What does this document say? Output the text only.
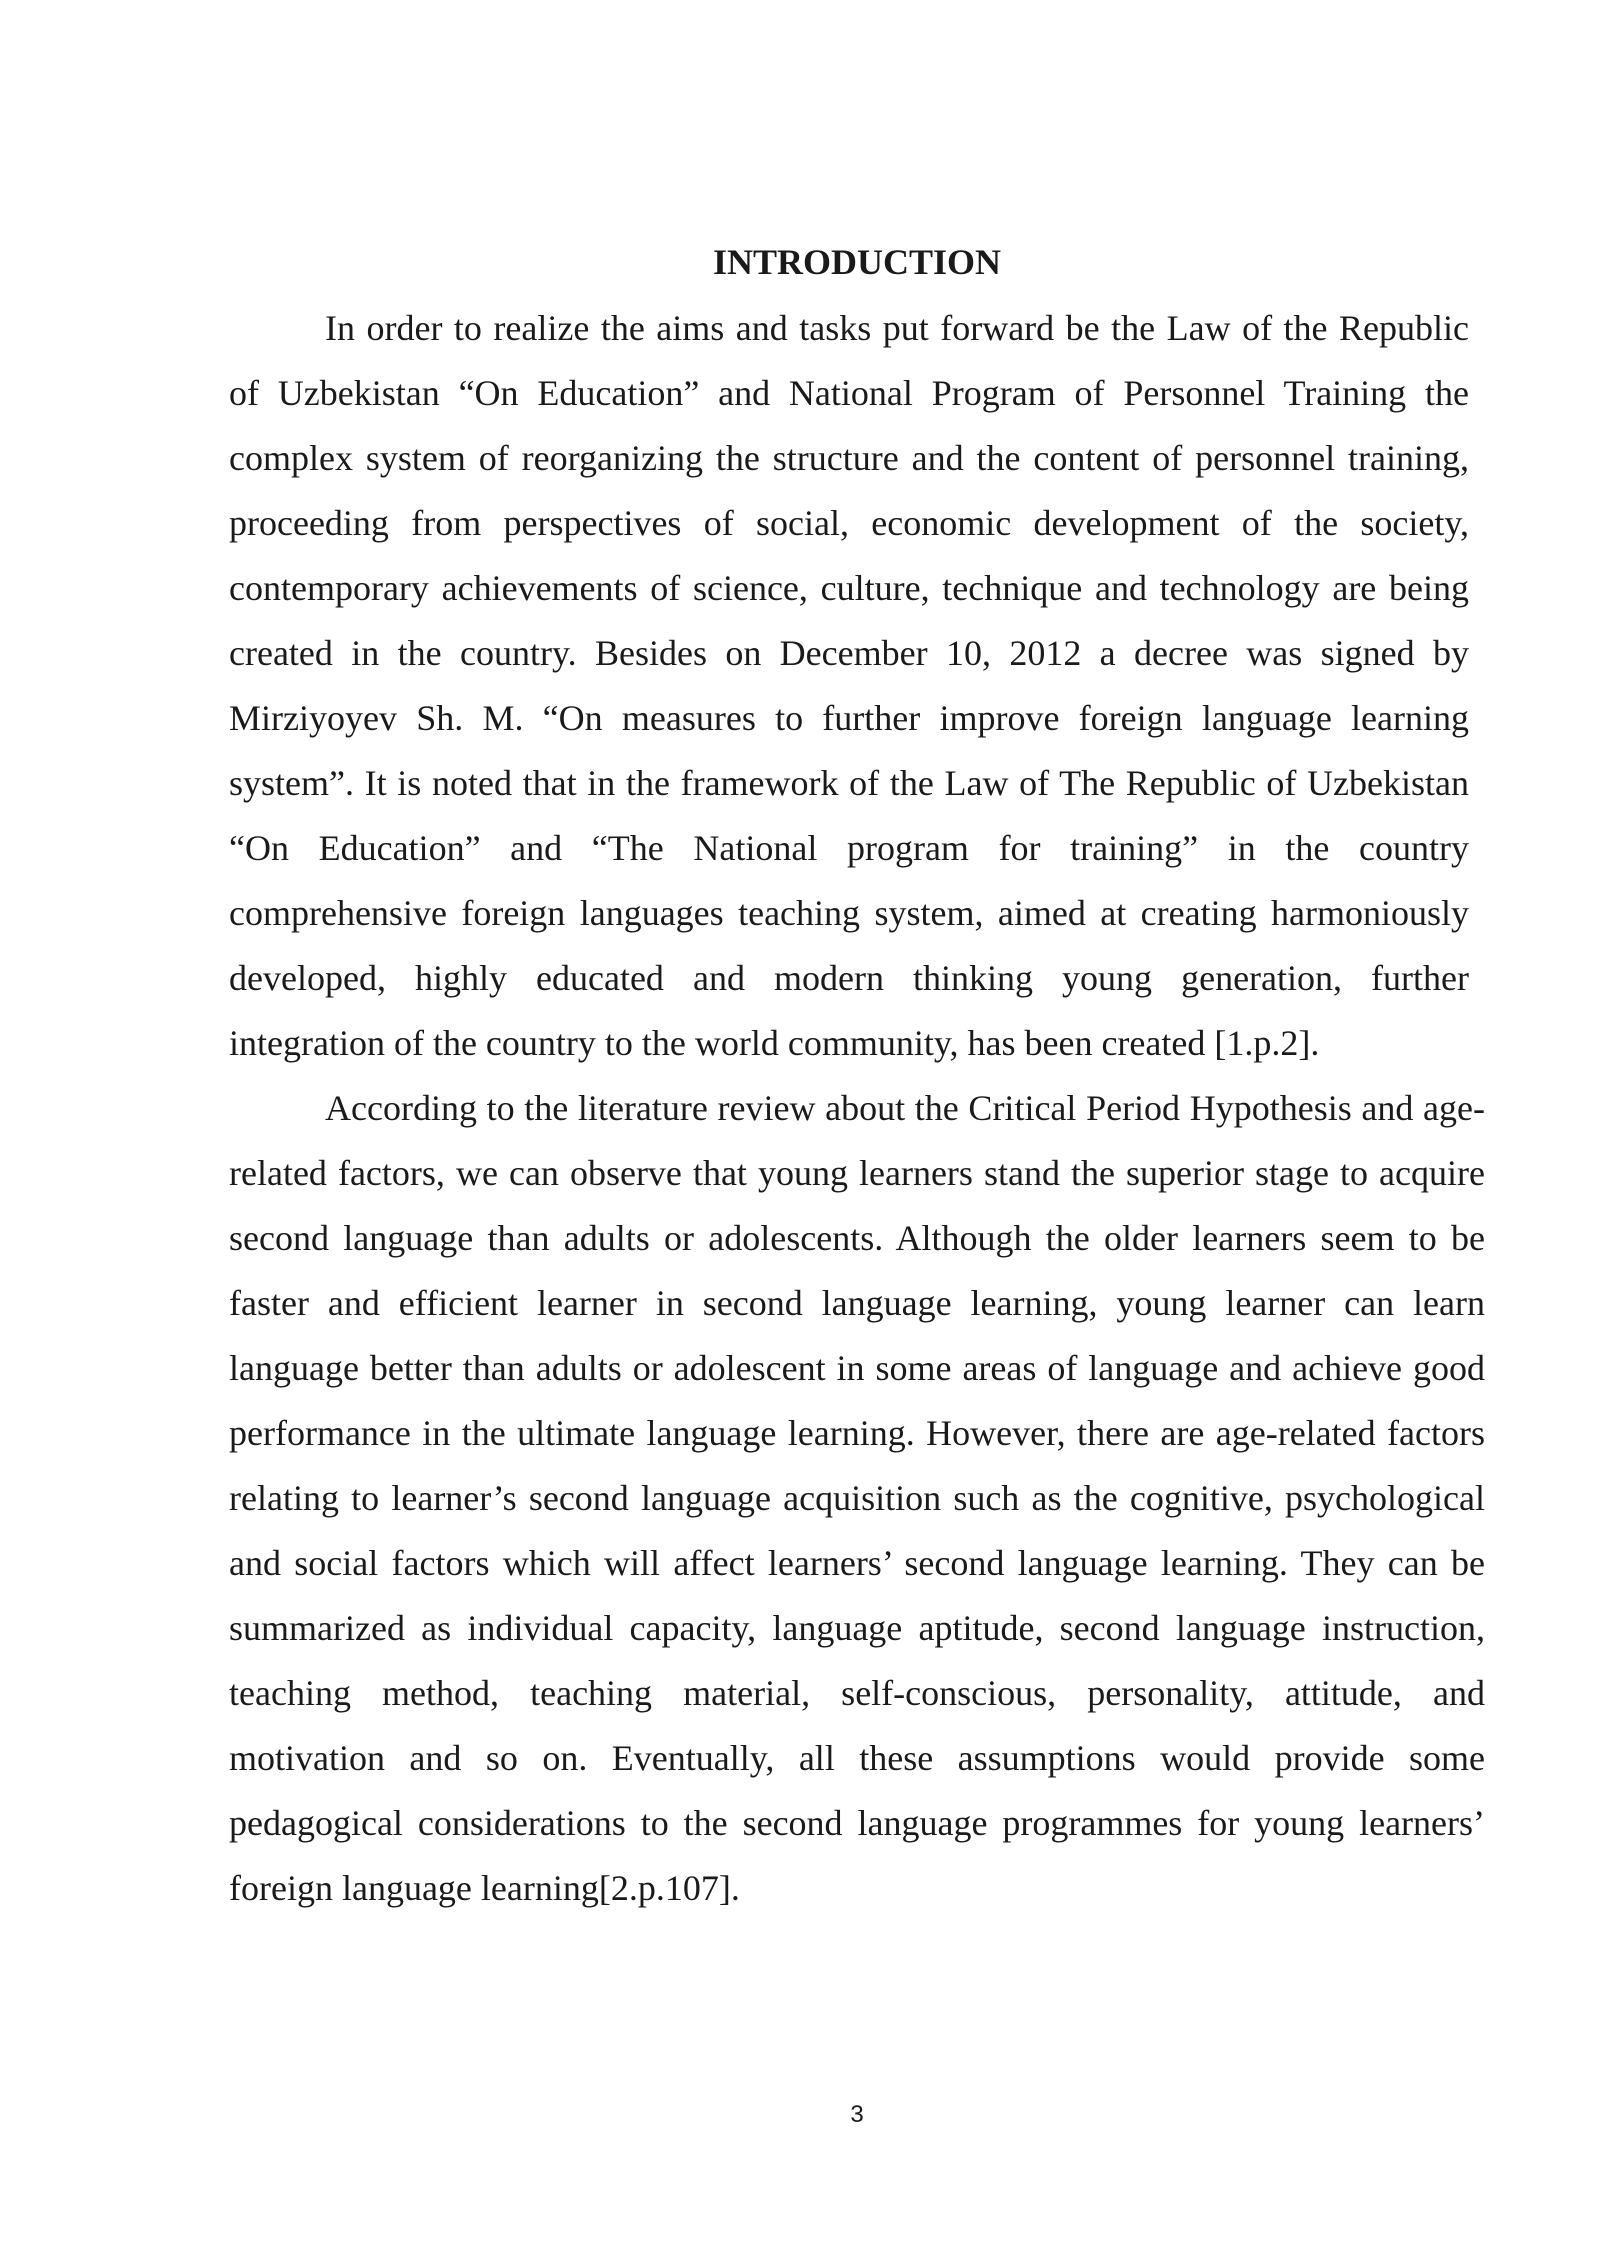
INTRODUCTION

In order to realize the aims and tasks put forward be the Law of the Republic of Uzbekistan “On Education” and National Program of Personnel Training the complex system of reorganizing the structure and the content of personnel training, proceeding from perspectives of social, economic development of the society, contemporary achievements of science, culture, technique and technology are being created in the country. Besides on December 10, 2012 a decree was signed by Mirziyoyev Sh. M. “On measures to further improve foreign language learning system”. It is noted that in the framework of the Law of The Republic of Uzbekistan “On Education” and “The National program for training” in the country comprehensive foreign languages teaching system, aimed at creating harmoniously developed, highly educated and modern thinking young generation, further integration of the country to the world community, has been created [1.p.2].

According to the literature review about the Critical Period Hypothesis and age-related factors, we can observe that young learners stand the superior stage to acquire second language than adults or adolescents. Although the older learners seem to be faster and efficient learner in second language learning, young learner can learn language better than adults or adolescent in some areas of language and achieve good performance in the ultimate language learning. However, there are age-related factors relating to learner’s second language acquisition such as the cognitive, psychological and social factors which will affect learners’ second language learning. They can be summarized as individual capacity, language aptitude, second language instruction, teaching method, teaching material, self-conscious, personality, attitude, and motivation and so on. Eventually, all these assumptions would provide some pedagogical considerations to the second language programmes for young learners’ foreign language learning[2.p.107].

3
